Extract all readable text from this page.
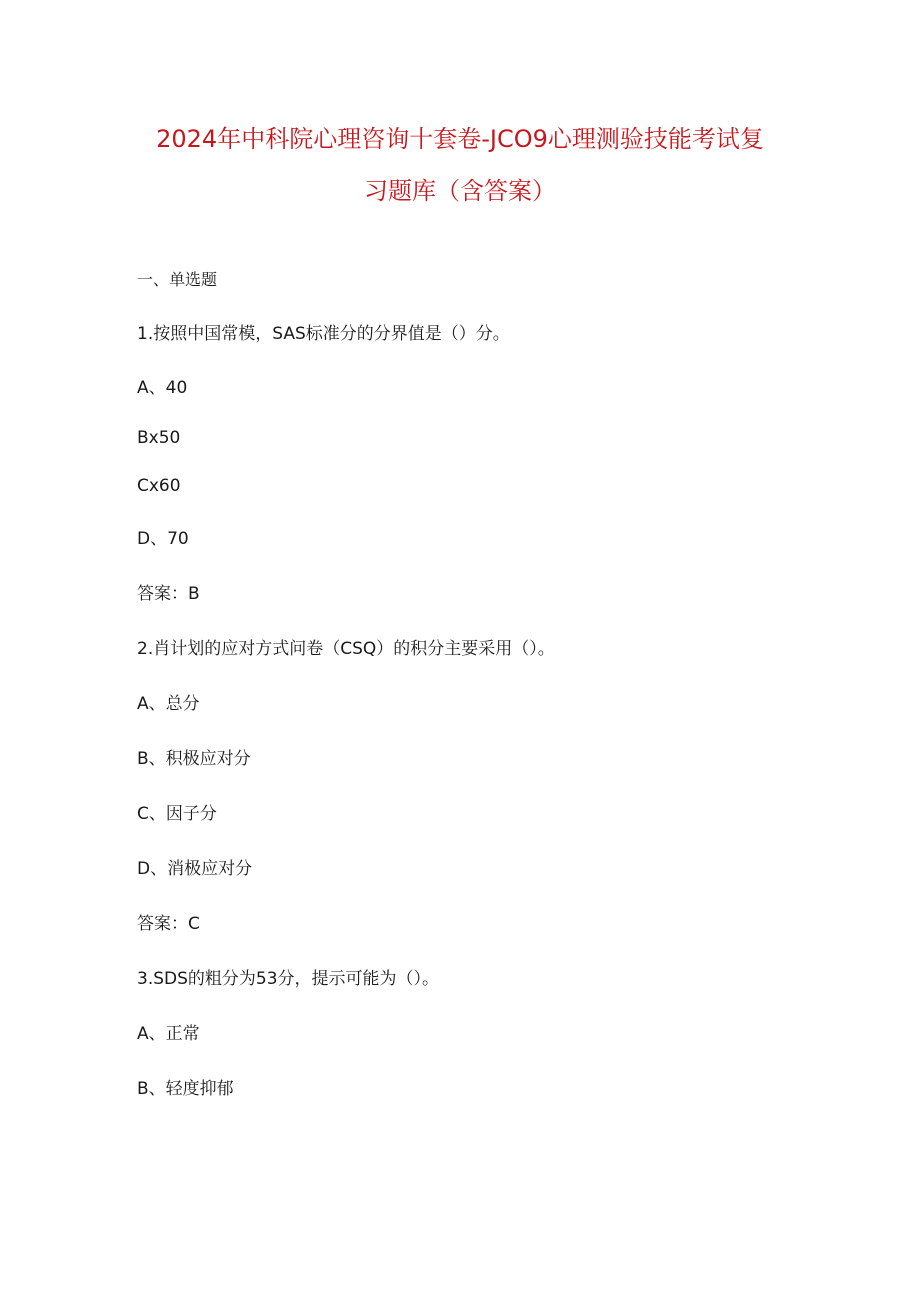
2024年中科院心理咨询十套卷-JCO9心理测验技能考试复
习题库（含答案）
一、单选题
1.按照中国常模，SAS标准分的分界值是（）分。
A、40
Bx50
Cx60
D、70
答案：B
2.肖计划的应对方式问卷（CSQ）的积分主要采用（）。
A、总分
B、积极应对分
C、因子分
D、消极应对分
答案：C
3.SDS的粗分为53分，提示可能为（）。
A、正常
B、轻度抑郁
